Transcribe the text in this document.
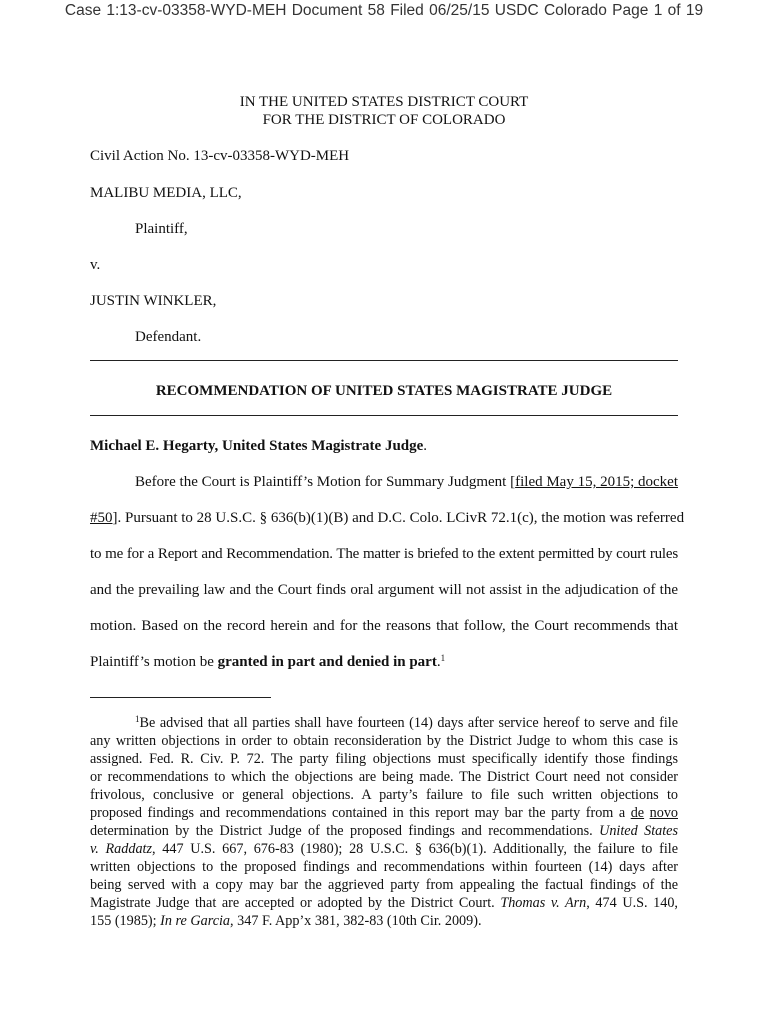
Case 1:13-cv-03358-WYD-MEH Document 58 Filed 06/25/15 USDC Colorado Page 1 of 19
IN THE UNITED STATES DISTRICT COURT
FOR THE DISTRICT OF COLORADO
Civil Action No. 13-cv-03358-WYD-MEH
MALIBU MEDIA, LLC,
Plaintiff,
v.
JUSTIN WINKLER,
Defendant.
RECOMMENDATION OF UNITED STATES MAGISTRATE JUDGE
Michael E. Hegarty, United States Magistrate Judge.
Before the Court is Plaintiff’s Motion for Summary Judgment [filed May 15, 2015; docket
#50]. Pursuant to 28 U.S.C. § 636(b)(1)(B) and D.C. Colo. LCivR 72.1(c), the motion was referred
to me for a Report and Recommendation. The matter is briefed to the extent permitted by court rules
and the prevailing law and the Court finds oral argument will not assist in the adjudication of the
motion. Based on the record herein and for the reasons that follow, the Court recommends that
Plaintiff’s motion be granted in part and denied in part.$^1$
$^1$Be advised that all parties shall have fourteen (14) days after service hereof to serve and file
any written objections in order to obtain reconsideration by the District Judge to whom this case is
assigned. Fed. R. Civ. P. 72. The party filing objections must specifically identify those findings
or recommendations to which the objections are being made. The District Court need not consider
frivolous, conclusive or general objections. A party’s failure to file such written objections to
proposed findings and recommendations contained in this report may bar the party from a de novo
determination by the District Judge of the proposed findings and recommendations. United States
v. Raddatz, 447 U.S. 667, 676-83 (1980); 28 U.S.C. § 636(b)(1). Additionally, the failure to file
written objections to the proposed findings and recommendations within fourteen (14) days after
being served with a copy may bar the aggrieved party from appealing the factual findings of the
Magistrate Judge that are accepted or adopted by the District Court. Thomas v. Arn, 474 U.S. 140,
155 (1985); In re Garcia, 347 F. App’x 381, 382-83 (10th Cir. 2009).
